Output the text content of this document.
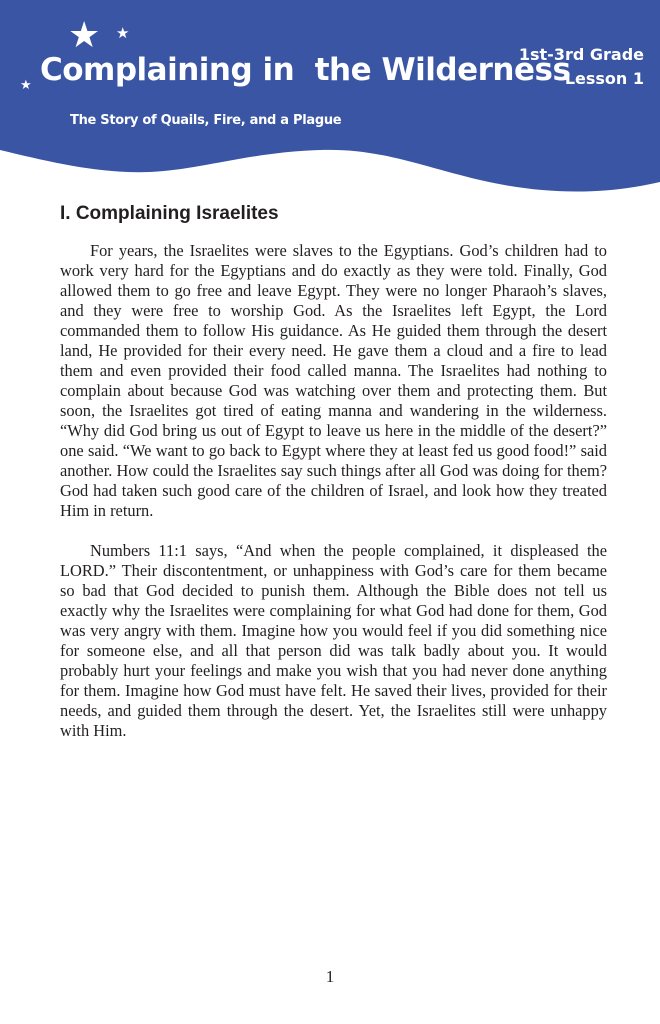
★ ★
★ Complaining in  the Wilderness
The Story of Quails, Fire, and a Plague
1st-3rd Grade
Lesson 1
I. Complaining Israelites

For years, the Israelites were slaves to the Egyptians. God’s children had to work very hard for the Egyptians and do exactly as they were told. Finally, God allowed them to go free and leave Egypt. They were no longer Pharaoh’s slaves, and they were free to worship God. As the Israelites left Egypt, the Lord commanded them to follow His guidance. As He guided them through the desert land, He provided for their every need. He gave them a cloud and a fire to lead them and even provided their food called manna. The Israelites had nothing to complain about because God was watching over them and protecting them. But soon, the Israelites got tired of eating manna and wandering in the wilderness. “Why did God bring us out of Egypt to leave us here in the middle of the desert?” one said. “We want to go back to Egypt where they at least fed us good food!” said another. How could the Israelites say such things after all God was doing for them? God had taken such good care of the children of Israel, and look how they treated Him in return.

Numbers 11:1 says, “And when the people complained, it displeased the LORD.” Their discontentment, or unhappiness with God’s care for them became so bad that God decided to punish them. Although the Bible does not tell us exactly why the Israelites were complaining for what God had done for them, God was very angry with them. Imagine how you would feel if you did something nice for someone else, and all that person did was talk badly about you. It would probably hurt your feelings and make you wish that you had never done anything for them. Imagine how God must have felt. He saved their lives, provided for their needs, and guided them through the desert. Yet, the Israelites still were unhappy with Him.

1
